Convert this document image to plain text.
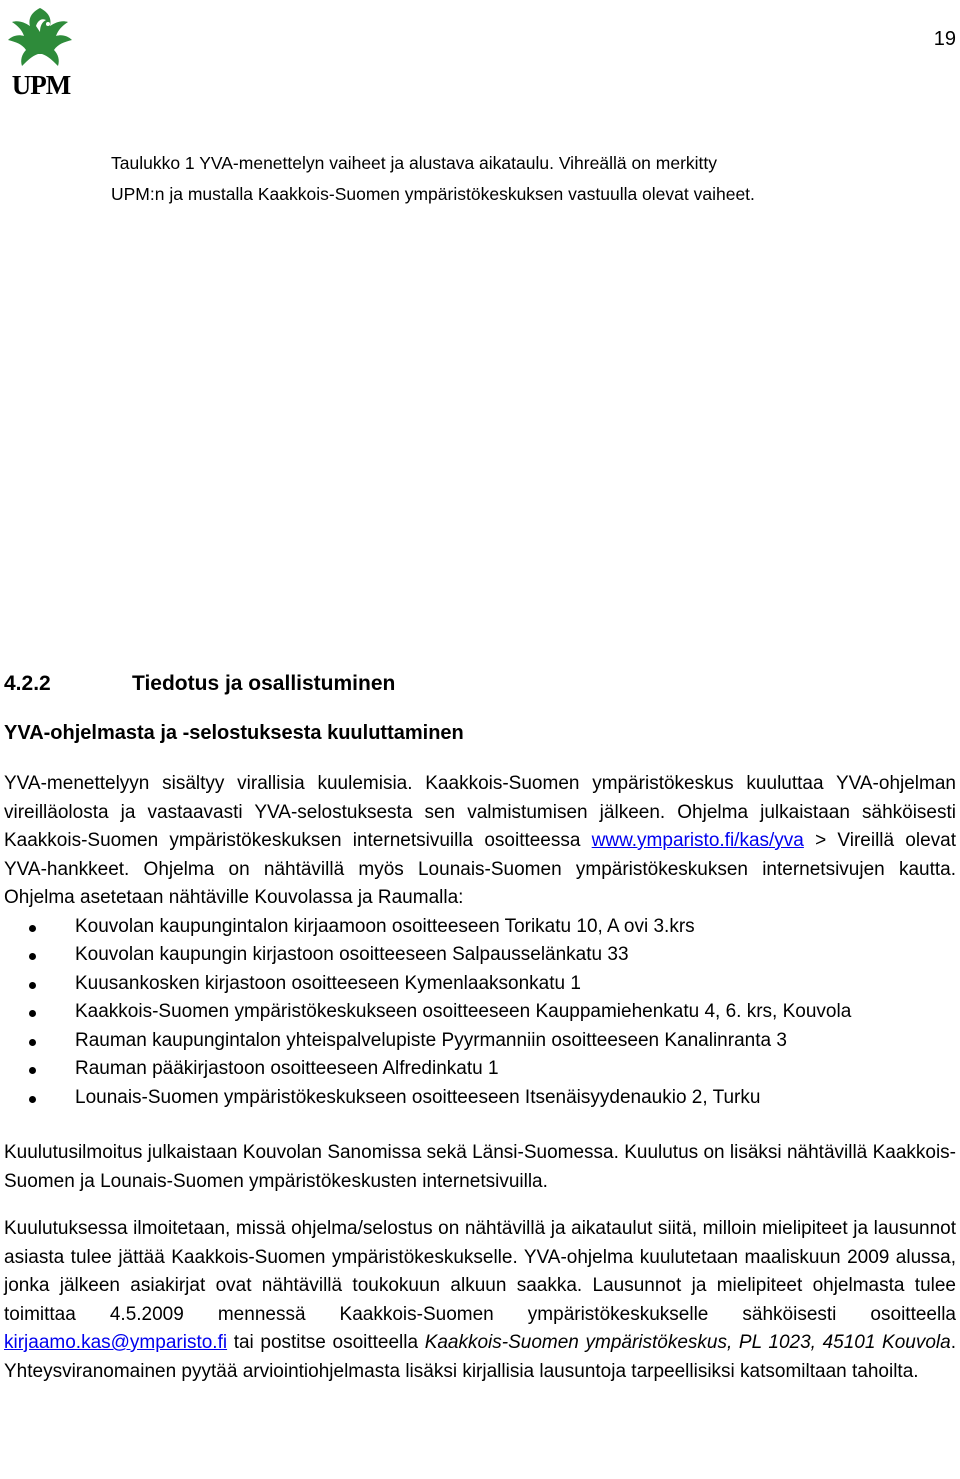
UPM
19
Taulukko 1 YVA-menettelyn vaiheet ja alustava aikataulu. Vihreällä on merkitty
UPM:n ja mustalla Kaakkois-Suomen ympäristökeskuksen vastuulla olevat vaiheet.
4.2.2	Tiedotus ja osallistuminen
YVA-ohjelmasta ja -selostuksesta kuuluttaminen

YVA-menettelyyn sisältyy virallisia kuulemisia. Kaakkois-Suomen ympäristökeskus kuuluttaa YVA-ohjelman vireilläolosta ja vastaavasti YVA-selostuksesta sen valmistumisen jälkeen. Ohjelma julkaistaan sähköisesti Kaakkois-Suomen ympäristökeskuksen internetsivuilla osoitteessa www.ymparisto.fi/kas/yva > Vireillä olevat YVA-hankkeet. Ohjelma on nähtävillä myös Lounais-Suomen ympäristökeskuksen internetsivujen kautta. Ohjelma asetetaan nähtäville Kouvolassa ja Raumalla:

Kouvolan kaupungintalon kirjaamoon osoitteeseen Torikatu 10, A ovi 3.krs
Kouvolan kaupungin kirjastoon osoitteeseen Salpausselänkatu 33
Kuusankosken kirjastoon osoitteeseen Kymenlaaksonkatu 1
Kaakkois-Suomen ympäristökeskukseen osoitteeseen Kauppamiehenkatu 4, 6. krs, Kouvola
Rauman kaupungintalon yhteispalvelupiste Pyyrmanniin osoitteeseen Kanalinranta 3
Rauman pääkirjastoon osoitteeseen Alfredinkatu 1
Lounais-Suomen ympäristökeskukseen osoitteeseen Itsenäisyydenaukio 2, Turku

Kuulutusilmoitus julkaistaan Kouvolan Sanomissa sekä Länsi-Suomessa. Kuulutus on lisäksi nähtävillä Kaakkois-Suomen ja Lounais-Suomen ympäristökeskusten internetsivuilla.

Kuulutuksessa ilmoitetaan, missä ohjelma/selostus on nähtävillä ja aikataulut siitä, milloin mielipiteet ja lausunnot asiasta tulee jättää Kaakkois-Suomen ympäristökeskukselle. YVA-ohjelma kuulutetaan maaliskuun 2009 alussa, jonka jälkeen asiakirjat ovat nähtävillä toukokuun alkuun saakka. Lausunnot ja mielipiteet ohjelmasta tulee toimittaa 4.5.2009 mennessä Kaakkois-Suomen ympäristökeskukselle sähköisesti osoitteella kirjaamo.kas@ymparisto.fi tai postitse osoitteella Kaakkois-Suomen ympäristökeskus, PL 1023, 45101 Kouvola. Yhteysviranomainen pyytää arviointiohjelmasta lisäksi kirjallisia lausuntoja tarpeellisiksi katsomiltaan tahoilta.
